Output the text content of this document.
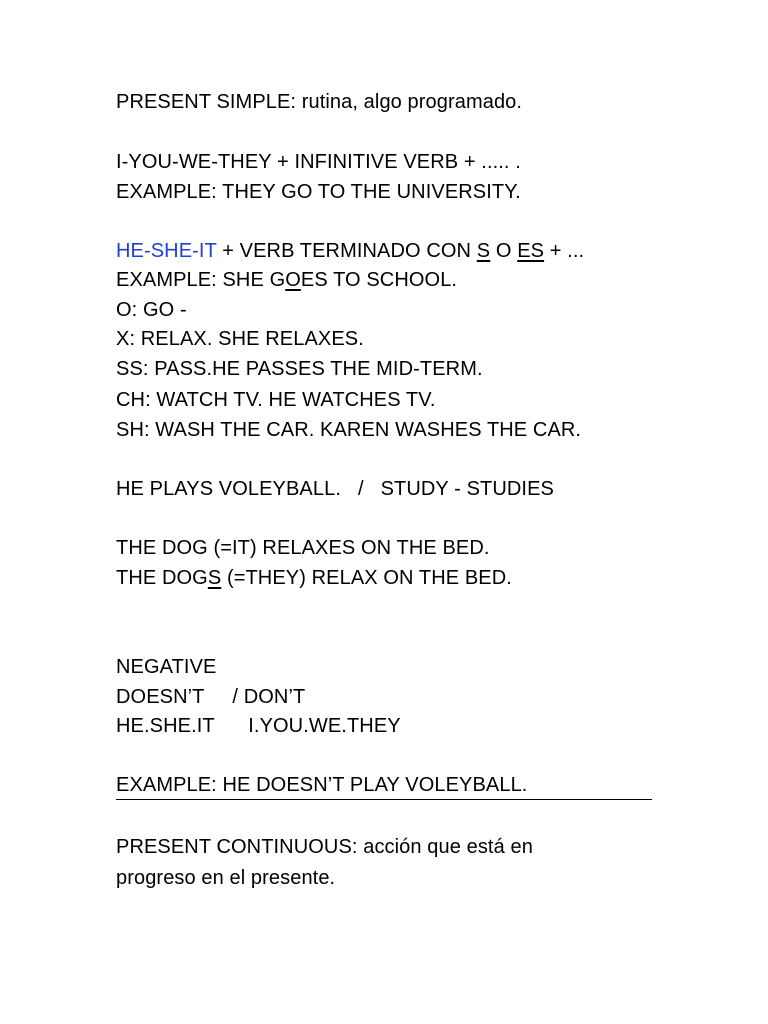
PRESENT SIMPLE: rutina, algo programado.
I-YOU-WE-THEY + INFINITIVE VERB + ..... .
EXAMPLE: THEY GO TO THE UNIVERSITY.
HE-SHE-IT + VERB TERMINADO CON S O ES + ...
EXAMPLE: SHE GOES TO SCHOOL.
O: GO -
X: RELAX. SHE RELAXES.
SS: PASS.HE PASSES THE MID-TERM.
CH: WATCH TV. HE WATCHES TV.
SH: WASH THE CAR. KAREN WASHES THE CAR.
HE PLAYS VOLEYBALL.   /   STUDY - STUDIES
THE DOG (=IT) RELAXES ON THE BED.
THE DOGS (=THEY) RELAX ON THE BED.
NEGATIVE
DOESN’T     / DON’T
HE.SHE.IT      I.YOU.WE.THEY
EXAMPLE: HE DOESN’T PLAY VOLEYBALL.
PRESENT CONTINUOUS: acción que está en
progreso en el presente.
